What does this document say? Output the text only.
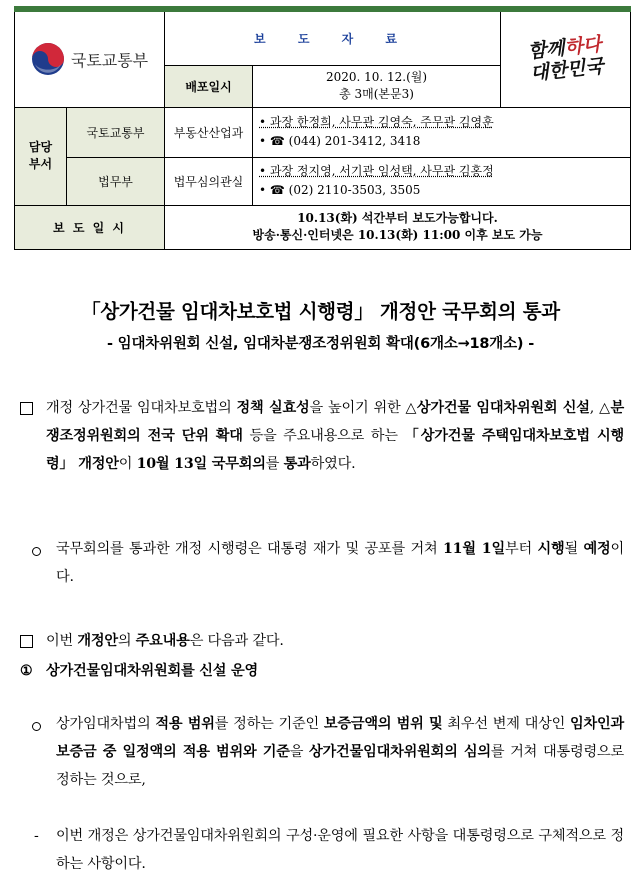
국토교통부		보 도 자 료		함께하다
대한민국
		배포일시	2020. 10. 12.(월)
총 3매(본문3)	

담당부서	국토교통부	부동산산업과	• 과장 한정희, 사무관 김영숙, 주무관 김영훈
• ☎ (044) 201-3412, 3418	

	법무부	법무심의관실	• 과장 정지영, 서기관 임성택, 사무관 김홍정
• ☎ (02) 2110-3503, 3505	

보 도 일 시		10.13(화) 석간부터 보도가능합니다.
방송·통신·인터넷은 10.13(화) 11:00 이후 보도 가능		
「상가건물 임대차보호법 시행령」 개정안 국무회의 통과
- 임대차위원회 신설, 임대차분쟁조정위원회 확대(6개소→18개소) -
개정 상가건물 임대차보호법의 정책 실효성을 높이기 위한 △상가건물 임대차위원회 신설, △분쟁조정위원회의 전국 단위 확대 등을 주요내용으로 하는 「상가건물 주택임대차보호법 시행령」 개정안이 10월 13일 국무회의를 통과하였다.
국무회의를 통과한 개정 시행령은 대통령 재가 및 공포를 거쳐 11월 1일부터 시행될 예정이다.
이번 개정안의 주요내용은 다음과 같다.
① 상가건물임대차위원회를 신설 운영
상가임대차법의 적용 범위를 정하는 기준인 보증금액의 범위 및 최우선 변제 대상인 임차인과 보증금 중 일정액의 적용 범위와 기준을 상가건물임대차위원회의 심의를 거쳐 대통령령으로 정하는 것으로,
- 이번 개정은 상가건물임대차위원회의 구성·운영에 필요한 사항을 대통령령으로 구체적으로 정하는 사항이다.
